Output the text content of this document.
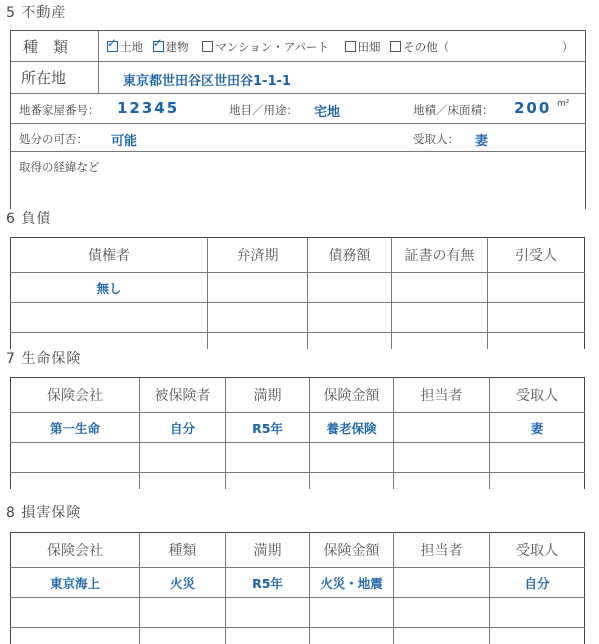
5 不動産
種　類 ✓	土地 ✓ 建物 マンション・アパート 田畑 その他（	）
所在地	東京都世田谷区世田谷1-1-1
地番家屋番号： 12345	地目／用途： 宅地	地積／床面積： 200 m²
処分の可否： 可能	受取人： 妻
取得の経緯など
6 負債
債権者	弁済期	債務額	証書の有無	引受人
無し				

7 生命保険
保険会社	被保険者	満期	保険金額	担当者	受取人
第一生命	自分	R5年	養老保険		妻

8 損害保険
保険会社	種類	満期	保険金額	担当者	受取人
東京海上	火災	R5年	火災・地震		自分
